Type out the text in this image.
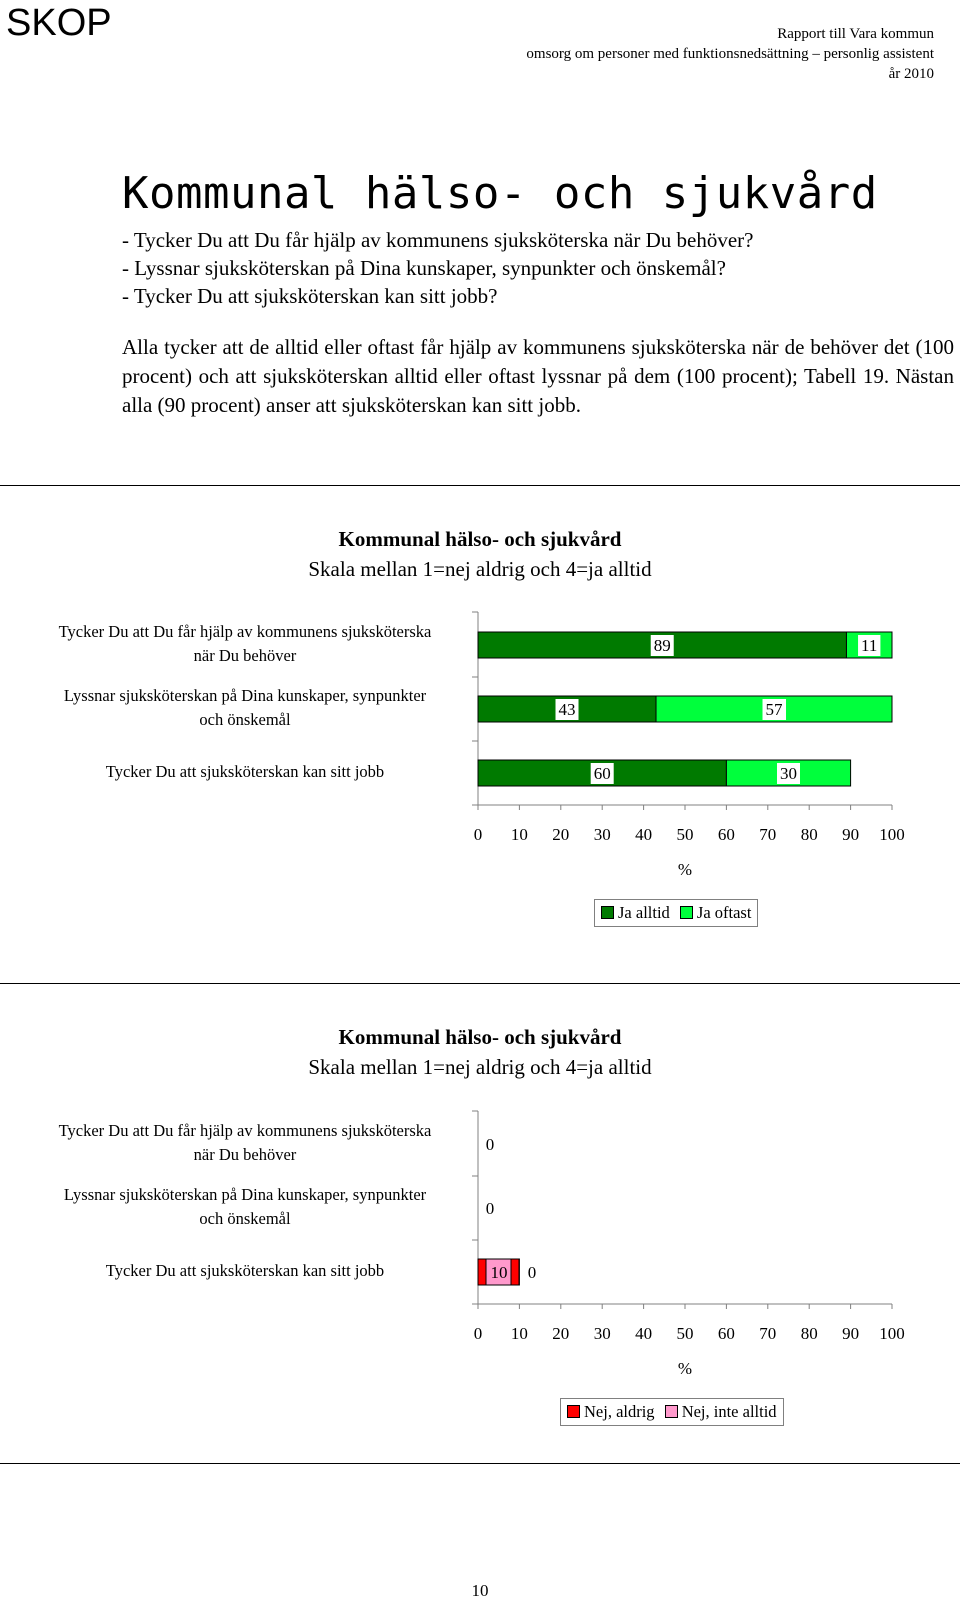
SKOP	Rapport till Vara kommun
omsorg om personer med funktionsnedsättning – personlig assistent
år 2010
Kommunal hälso- och sjukvård
- Tycker Du att Du får hjälp av kommunens sjuksköterska när Du behöver?
- Lyssnar sjuksköterskan på Dina kunskaper, synpunkter och önskemål?
- Tycker Du att sjuksköterskan kan sitt jobb?

Alla tycker att de alltid eller oftast får hjälp av kommunens sjuksköterska när de behöver det (100 procent) och att sjuksköterskan alltid eller oftast lyssnar på dem (100 procent); Tabell 19. Nästan alla (90 procent) anser att sjuksköterskan kan sitt jobb.

Kommunal hälso- och sjukvård
Skala mellan 1=nej aldrig och 4=ja alltid
Tycker Du att Du får hjälp av kommunens sjuksköterska
när Du behöver
Lyssnar sjuksköterskan på Dina kunskaper, synpunkter
och önskemål
Tycker Du att sjuksköterskan kan sitt jobb
0 10 20 30 40 50 60 70 80 90 100
%
89	11
43	57
60	30
Ja alltid Ja oftast
Kommunal hälso- och sjukvård
Skala mellan 1=nej aldrig och 4=ja alltid
Tycker Du att Du får hjälp av kommunens sjuksköterska
när Du behöver
Lyssnar sjuksköterskan på Dina kunskaper, synpunkter
och önskemål
Tycker Du att sjuksköterskan kan sitt jobb
0 10 20 30 40 50 60 70 80 90 100
%
0
0
10 0
Nej, aldrig Nej, inte alltid
10
